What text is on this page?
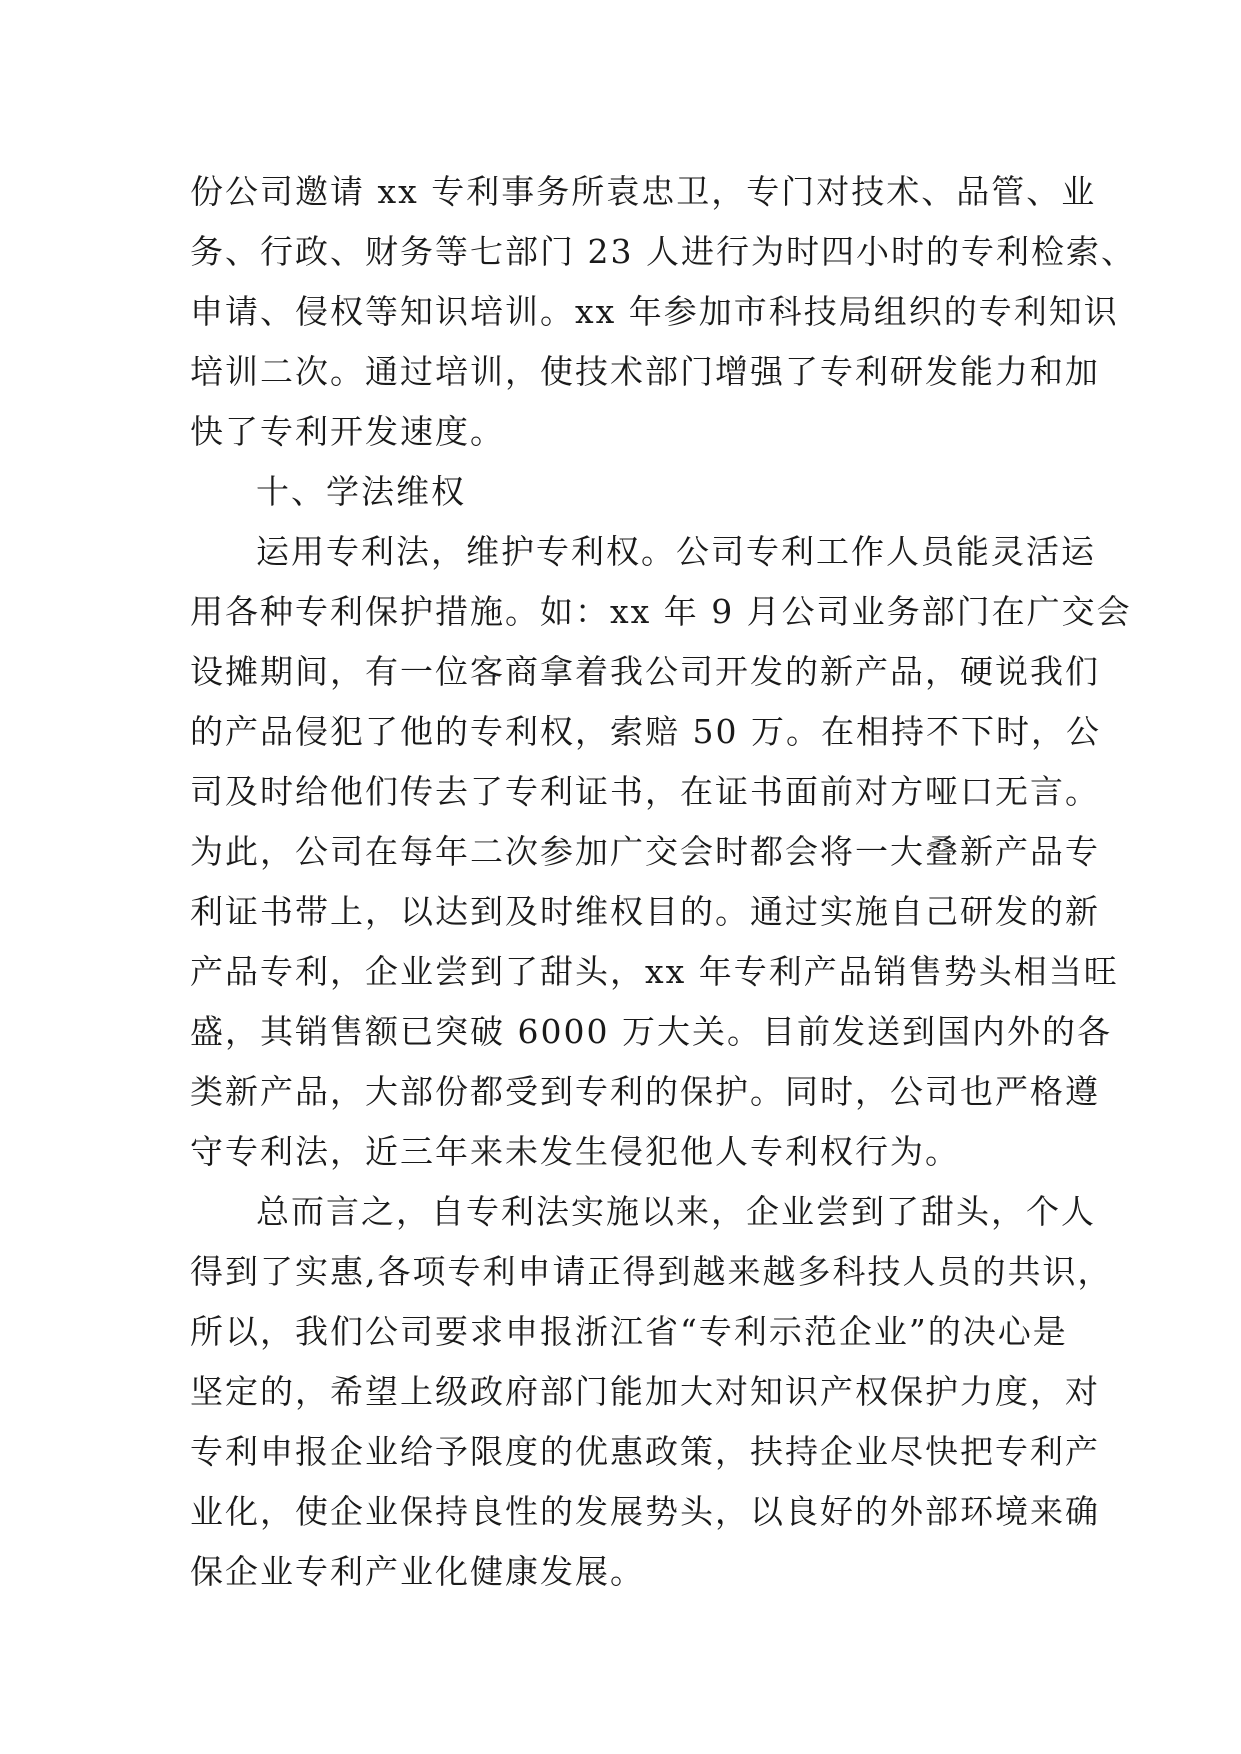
份公司邀请 xx 专利事务所袁忠卫，专门对技术、品管、业
务、行政、财务等七部门 23 人进行为时四小时的专利检索、
申请、侵权等知识培训。xx 年参加市科技局组织的专利知识
培训二次。通过培训，使技术部门增强了专利研发能力和加
快了专利开发速度。
十、学法维权
运用专利法，维护专利权。公司专利工作人员能灵活运
用各种专利保护措施。如：xx 年 9 月公司业务部门在广交会
设摊期间，有一位客商拿着我公司开发的新产品，硬说我们
的产品侵犯了他的专利权，索赔 50 万。在相持不下时，公
司及时给他们传去了专利证书，在证书面前对方哑口无言。
为此，公司在每年二次参加广交会时都会将一大叠新产品专
利证书带上，以达到及时维权目的。通过实施自己研发的新
产品专利，企业尝到了甜头，xx 年专利产品销售势头相当旺
盛，其销售额已突破 6000 万大关。目前发送到国内外的各
类新产品，大部份都受到专利的保护。同时，公司也严格遵
守专利法，近三年来未发生侵犯他人专利权行为。
总而言之，自专利法实施以来，企业尝到了甜头，个人
得到了实惠,各项专利申请正得到越来越多科技人员的共识，
所以，我们公司要求申报浙江省“专利示范企业”的决心是
坚定的，希望上级政府部门能加大对知识产权保护力度，对
专利申报企业给予限度的优惠政策，扶持企业尽快把专利产
业化，使企业保持良性的发展势头，以良好的外部环境来确
保企业专利产业化健康发展。
